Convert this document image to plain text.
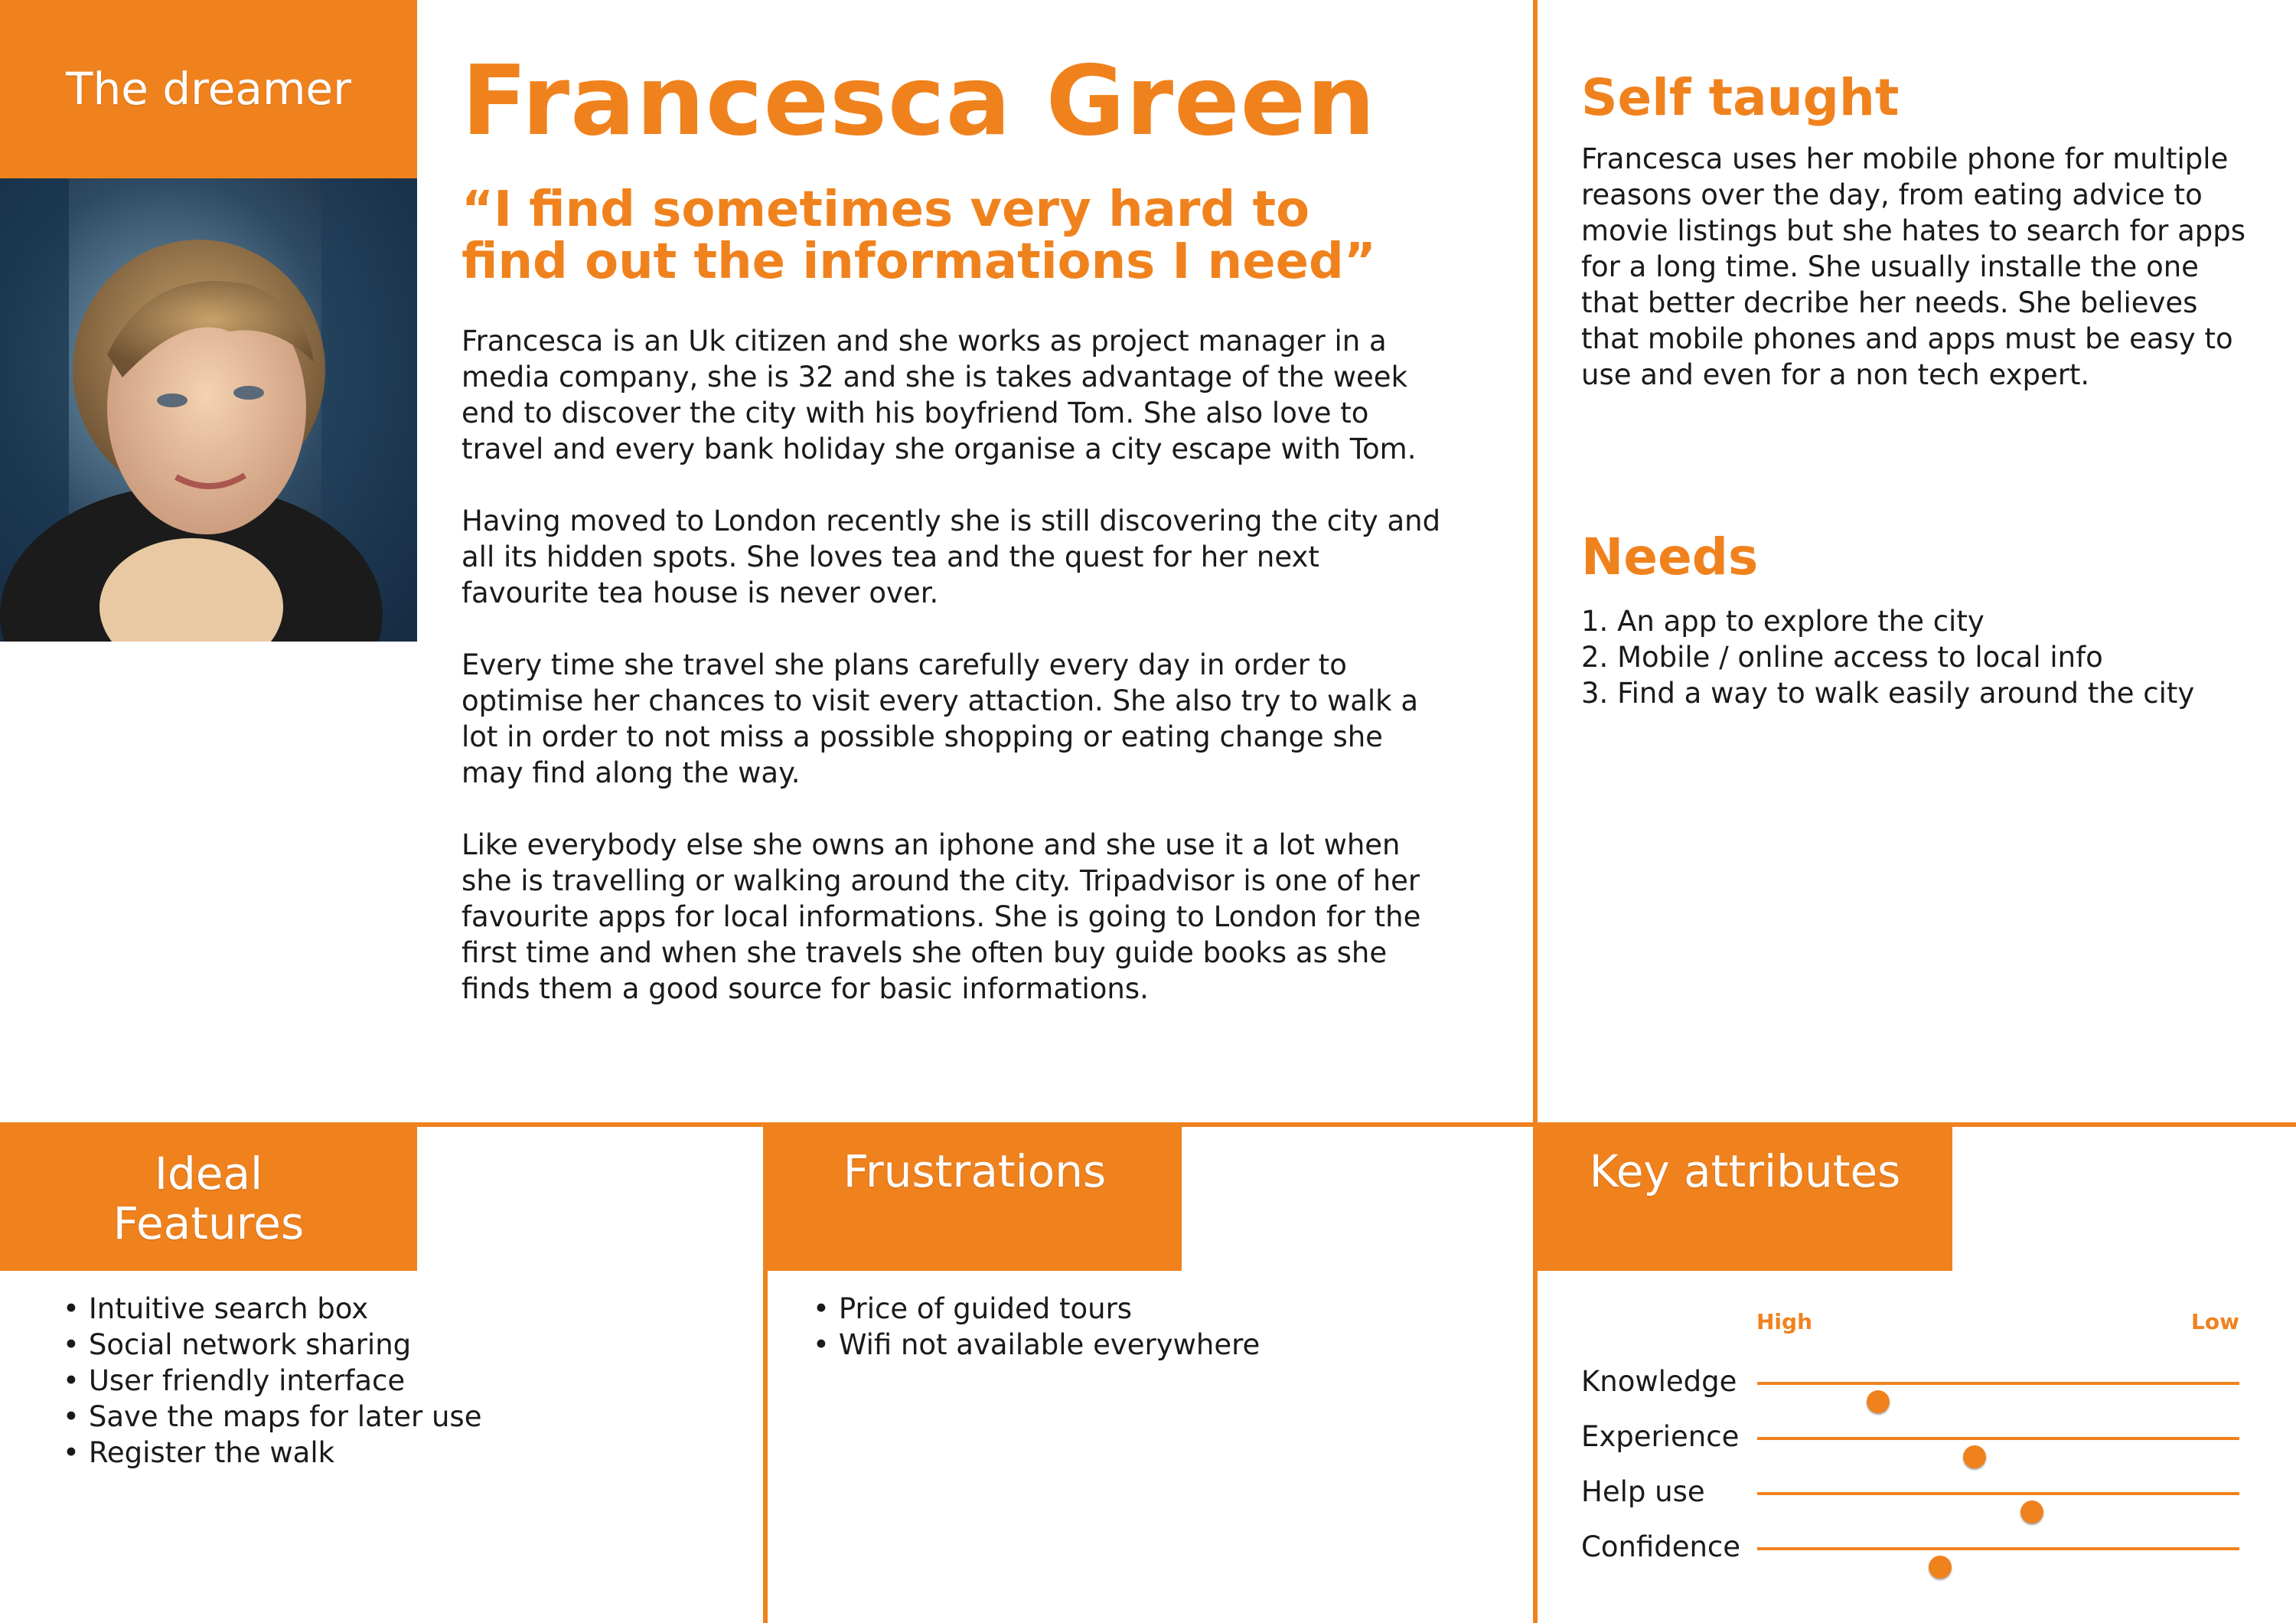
The dreamer Francesca Green
“I find sometimes very hard to find out the informations I need”

Francesca is an Uk citizen and she works as project manager in a media company, she is 32 and she is takes advantage of the week end to discover the city with his boyfriend Tom. She also love to travel and every bank holiday she organise a city escape with Tom.

Having moved to London recently she is still discovering the city and all its hidden spots. She loves tea and the quest for her next favourite tea house is never over.

Every time she travel she plans carefully every day in order to optimise her chances to visit every attaction. She also try to walk a lot in order to not miss a possible shopping or eating change she may find along the way.

Like everybody else she owns an iphone and she use it a lot when she is travelling or walking around the city. Tripadvisor is one of her favourite apps for local informations. She is going to London for the first time and when she travels she often buy guide books as she finds them a good source for basic informations.

Self taught
Francesca uses her mobile phone for multiple reasons over the day, from eating advice to movie listings but she hates to search for apps for a long time. She usually installe the one that better decribe her needs. She believes that mobile phones and apps must be easy to use and even for a non tech expert.
Needs
1. An app to explore the city
2. Mobile / online access to local info
3. Find a way to walk easily around the city
Ideal
Features
• Intuitive search box
• Social network sharing
• User friendly interface
• Save the maps for later use
• Register the walk
Frustrations
• Price of guided tours
• Wifi not available everywhere
Key attributes
High	Low
Knowledge
Experience
Help use
Confidence
